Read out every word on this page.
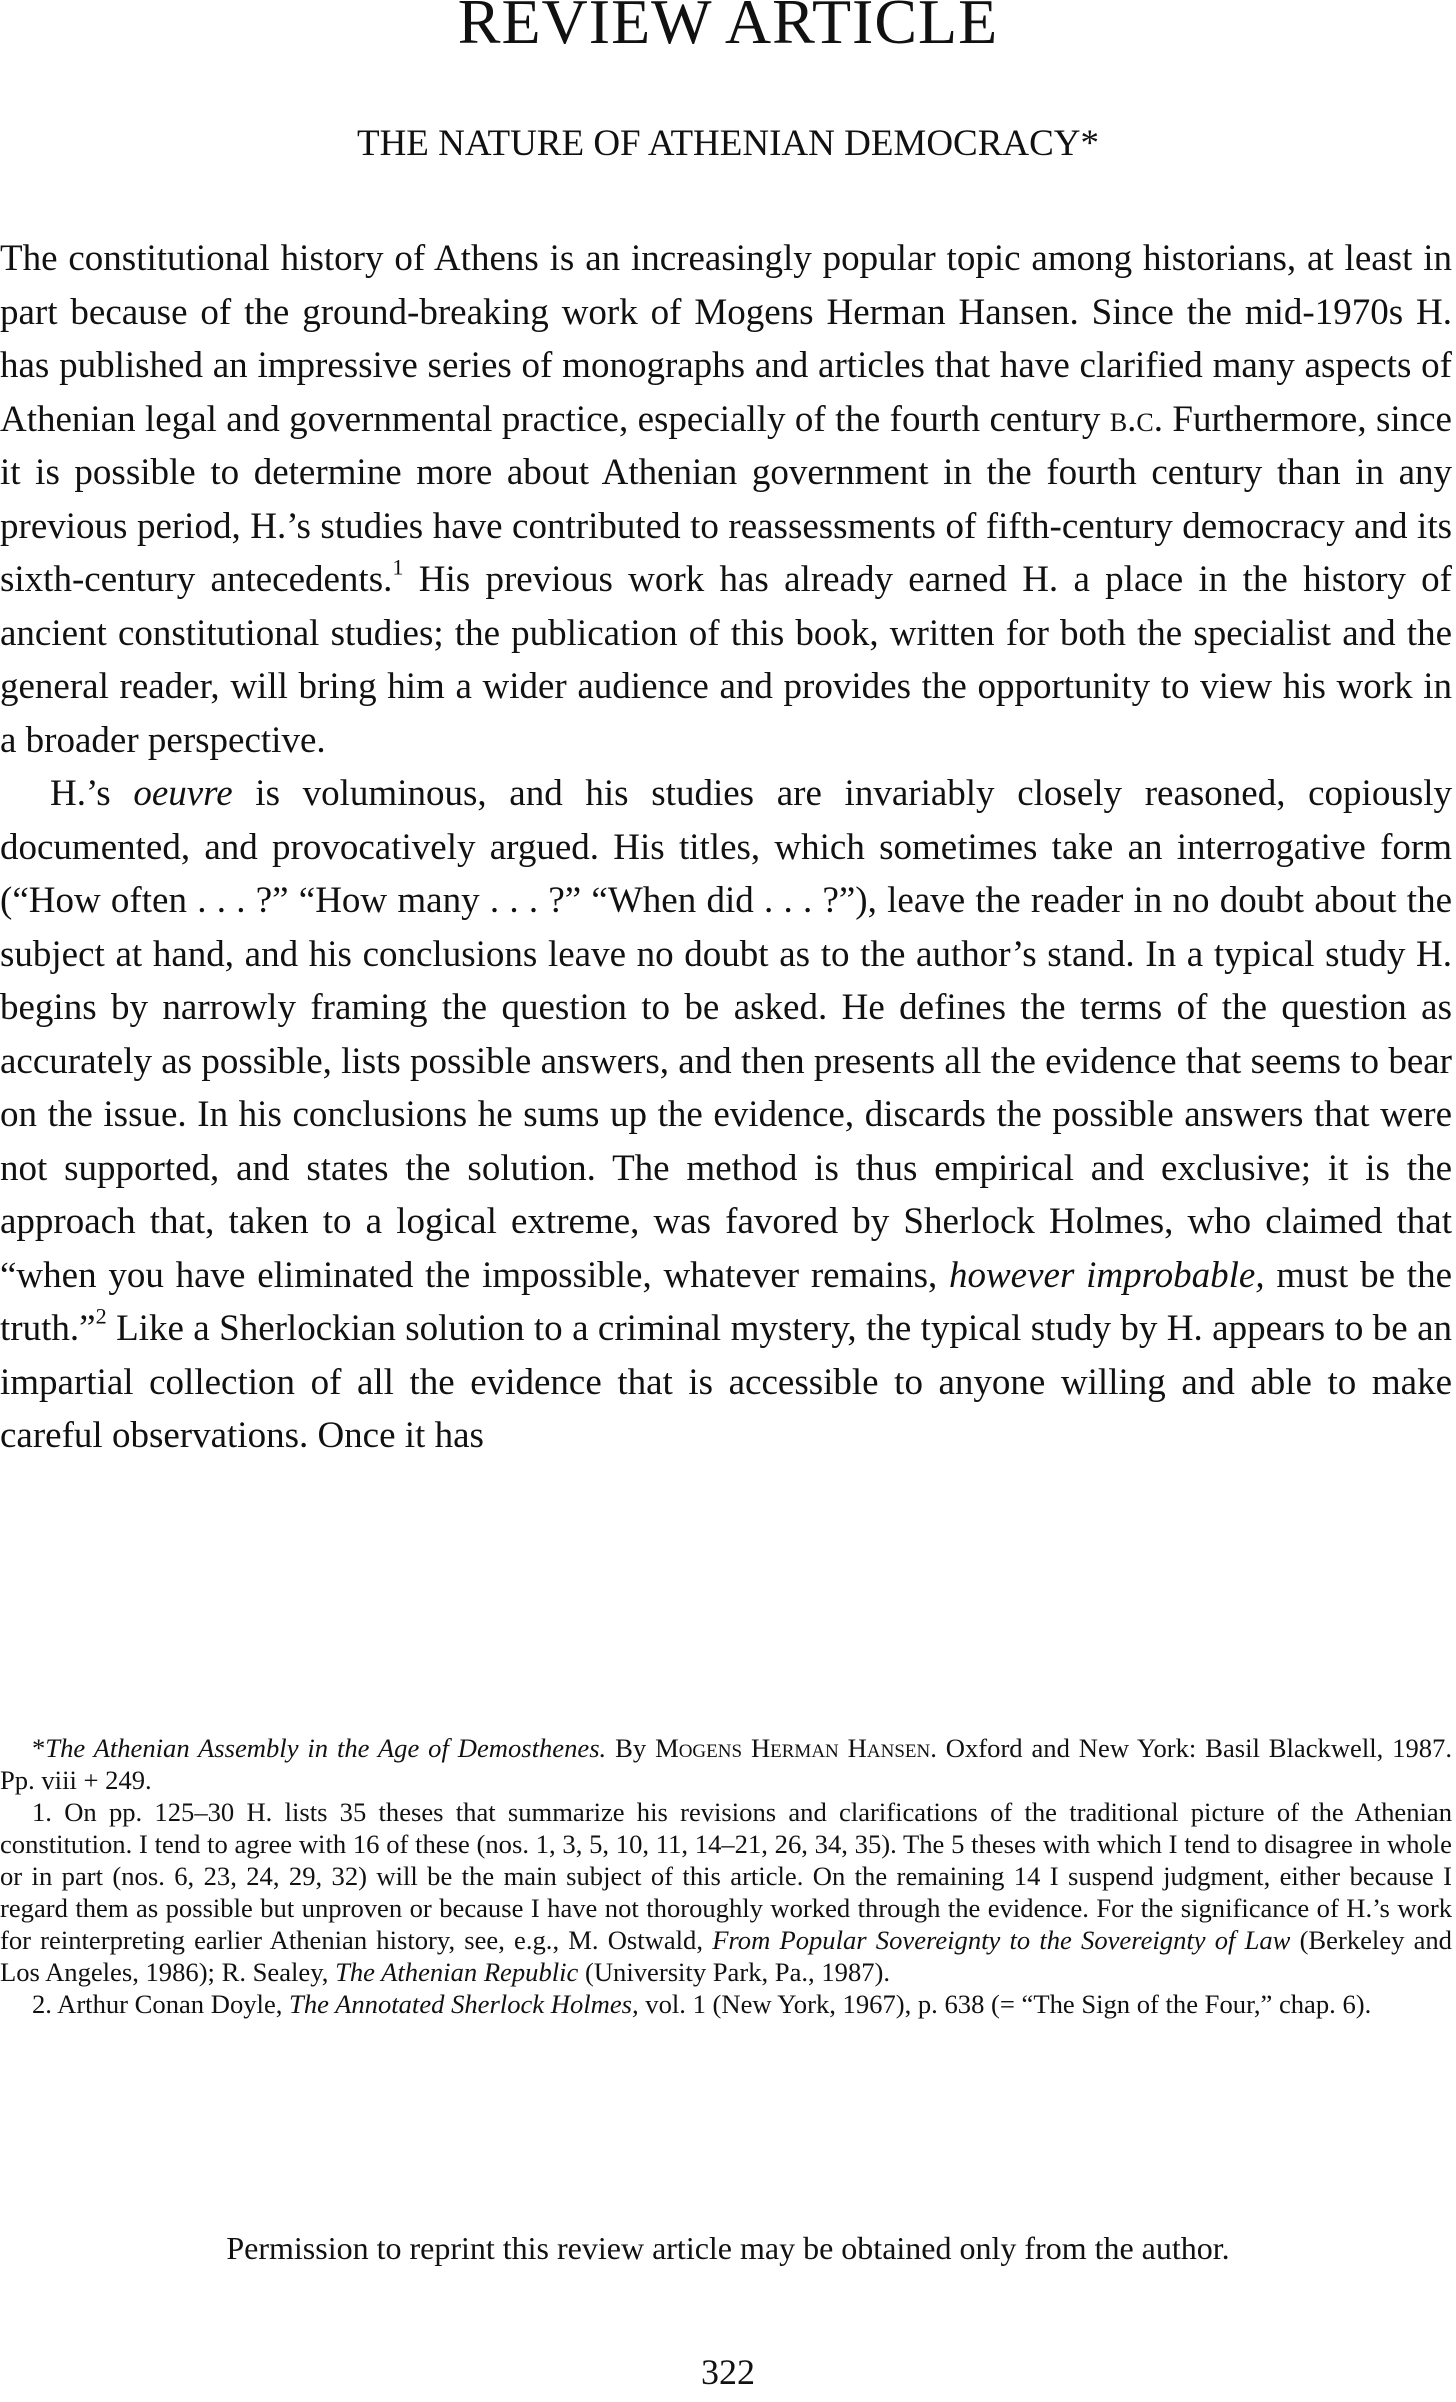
REVIEW ARTICLE
THE NATURE OF ATHENIAN DEMOCRACY*

The constitutional history of Athens is an increasingly popular topic among historians, at least in part because of the ground-breaking work of Mogens Herman Hansen. Since the mid-1970s H. has published an impressive series of monographs and articles that have clarified many aspects of Athenian legal and governmental practice, especially of the fourth century b.c. Furthermore, since it is possible to determine more about Athenian government in the fourth century than in any previous period, H.’s studies have contributed to reassessments of fifth-century democracy and its sixth-century antecedents.$^1$ His previous work has already earned H. a place in the history of ancient constitutional studies; the publication of this book, written for both the specialist and the general reader, will bring him a wider audience and provides the opportunity to view his work in a broader perspective.

H.’s oeuvre is voluminous, and his studies are invariably closely reasoned, copiously documented, and provocatively argued. His titles, which sometimes take an interrogative form (“How often . . . ?” “How many . . . ?” “When did . . . ?”), leave the reader in no doubt about the subject at hand, and his conclusions leave no doubt as to the author’s stand. In a typical study H. begins by narrowly framing the question to be asked. He defines the terms of the question as accurately as possible, lists possible answers, and then presents all the evidence that seems to bear on the issue. In his conclusions he sums up the evidence, discards the possible answers that were not supported, and states the solution. The method is thus empirical and exclusive; it is the approach that, taken to a logical extreme, was favored by Sherlock Holmes, who claimed that “when you have eliminated the impossible, whatever remains, however improbable, must be the truth.”$^2$ Like a Sherlockian solution to a criminal mystery, the typical study by H. appears to be an impartial collection of all the evidence that is accessible to anyone willing and able to make careful observations. Once it has

*The Athenian Assembly in the Age of Demosthenes. By Mogens Herman Hansen. Oxford and New York: Basil Blackwell, 1987. Pp. viii + 249.

1. On pp. 125–30 H. lists 35 theses that summarize his revisions and clarifications of the traditional picture of the Athenian constitution. I tend to agree with 16 of these (nos. 1, 3, 5, 10, 11, 14–21, 26, 34, 35). The 5 theses with which I tend to disagree in whole or in part (nos. 6, 23, 24, 29, 32) will be the main subject of this article. On the remaining 14 I suspend judgment, either because I regard them as possible but unproven or because I have not thoroughly worked through the evidence. For the significance of H.’s work for reinterpreting earlier Athenian history, see, e.g., M. Ostwald, From Popular Sovereignty to the Sovereignty of Law (Berkeley and Los Angeles, 1986); R. Sealey, The Athenian Republic (University Park, Pa., 1987).

2. Arthur Conan Doyle, The Annotated Sherlock Holmes, vol. 1 (New York, 1967), p. 638 (= “The Sign of the Four,” chap. 6).

Permission to reprint this review article may be obtained only from the author.
322
